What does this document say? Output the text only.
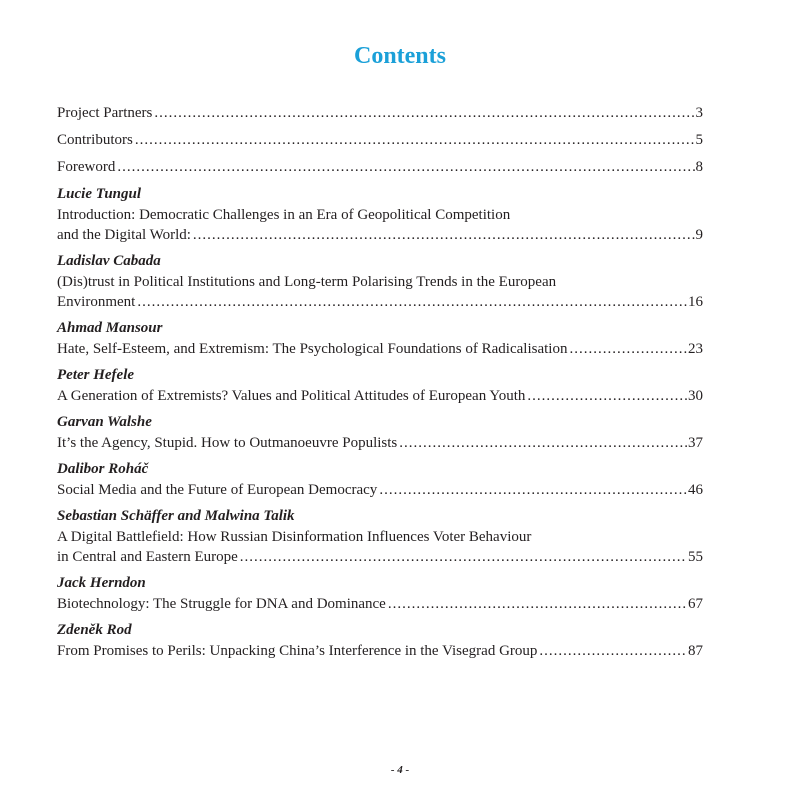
Contents
Project Partners .....	3
Contributors .....	5
Foreword .....	8
Lucie Tungul
Introduction: Democratic Challenges in an Era of Geopolitical Competition
and the Digital World: .....	9
Ladislav Cabada
(Dis)trust in Political Institutions and Long-term Polarising Trends in the European
Environment .....	16
Ahmad Mansour
Hate, Self-Esteem, and Extremism: The Psychological Foundations of Radicalisation .....	23
Peter Hefele
A Generation of Extremists? Values and Political Attitudes of European Youth .....	30
Garvan Walshe
It’s the Agency, Stupid. How to Outmanoeuvre Populists .....	37
Dalibor Roháč
Social Media and the Future of European Democracy .....	46
Sebastian Schäffer and Malwina Talik
A Digital Battlefield: How Russian Disinformation Influences Voter Behaviour
in Central and Eastern Europe .....	55
Jack Herndon
Biotechnology: The Struggle for DNA and Dominance .....	67
Zdeněk Rod
From Promises to Perils: Unpacking China’s Interference in the Visegrad Group .....	87
- 4 -
